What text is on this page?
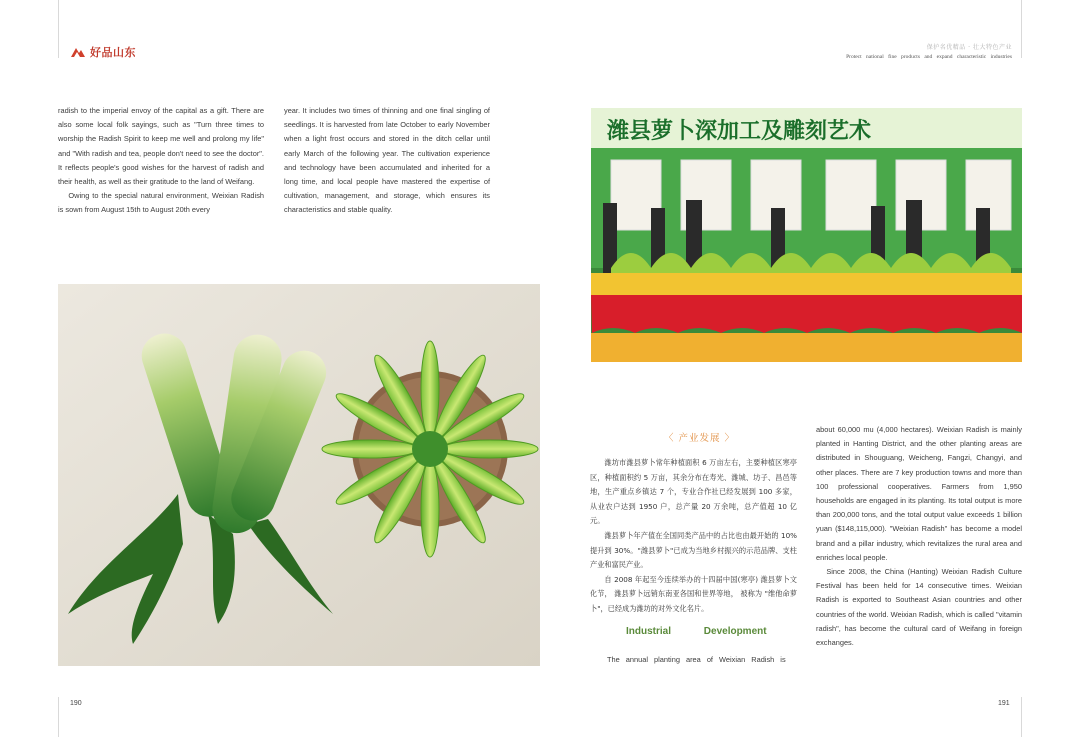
好品山东	保护名优精品 · 壮大特色产业
Protect national fine products and expand characteristic industries

radish to the imperial envoy of the capital as a gift. There are also some local folk sayings, such as "Turn three times to worship the Radish Spirit to keep me well and prolong my life" and "With radish and tea, people don't need to see the doctor". It reflects people's good wishes for the harvest of radish and their health, as well as their gratitude to the land of Weifang.

Owing to the special natural environment, Weixian Radish is sown from August 15th to August 20th every

year. It includes two times of thinning and one final singling of seedlings. It is harvested from late October to early November when a light frost occurs and stored in the ditch cellar until early March of the following year. The cultivation experience and technology have been accumulated and inherited for a long time, and local people have mastered the expertise of cultivation, management, and storage, which ensures its characteristics and stable quality.

潍县萝卜深加工及雕刻艺术
〈 产业发展 〉

潍坊市潍县萝卜常年种植面积 6 万亩左右，主要种植区寒亭区，种植面积约 5 万亩，其余分布在寿光、潍城、坊子、昌邑等地，生产重点乡镇达 7 个，专业合作社已经发展到 100 多家，从业农户达到 1950 户，总产量 20 万余吨，总产值超 10 亿元。

潍县萝卜年产值在全国同类产品中的占比也由最开始的 10% 提升到 30%。"潍县萝卜"已成为当地乡村振兴的示范品牌、支柱产业和富民产业。

自 2008 年起至今连续举办的十四届中国(寒亭) 潍县萝卜文化节， 潍县萝卜远销东南亚各国和世界等地， 被称为 "维他命萝卜"，已经成为潍坊的对外文化名片。

Industrial Development
The annual planting area of Weixian Radish is

about 60,000 mu (4,000 hectares). Weixian Radish is mainly planted in Hanting District, and the other planting areas are distributed in Shouguang, Weicheng, Fangzi, Changyi, and other places. There are 7 key production towns and more than 100 professional cooperatives. Farmers from 1,950 households are engaged in its planting. Its total output is more than 200,000 tons, and the total output value exceeds 1 billion yuan ($148,115,000). "Weixian Radish" has become a model brand and a pillar industry, which revitalizes the rural area and enriches local people.

Since 2008, the China (Hanting) Weixian Radish Culture Festival has been held for 14 consecutive times. Weixian Radish is exported to Southeast Asian countries and other countries of the world. Weixian Radish, which is called "vitamin radish", has become the cultural card of Weifang in foreign exchanges.

190	191
